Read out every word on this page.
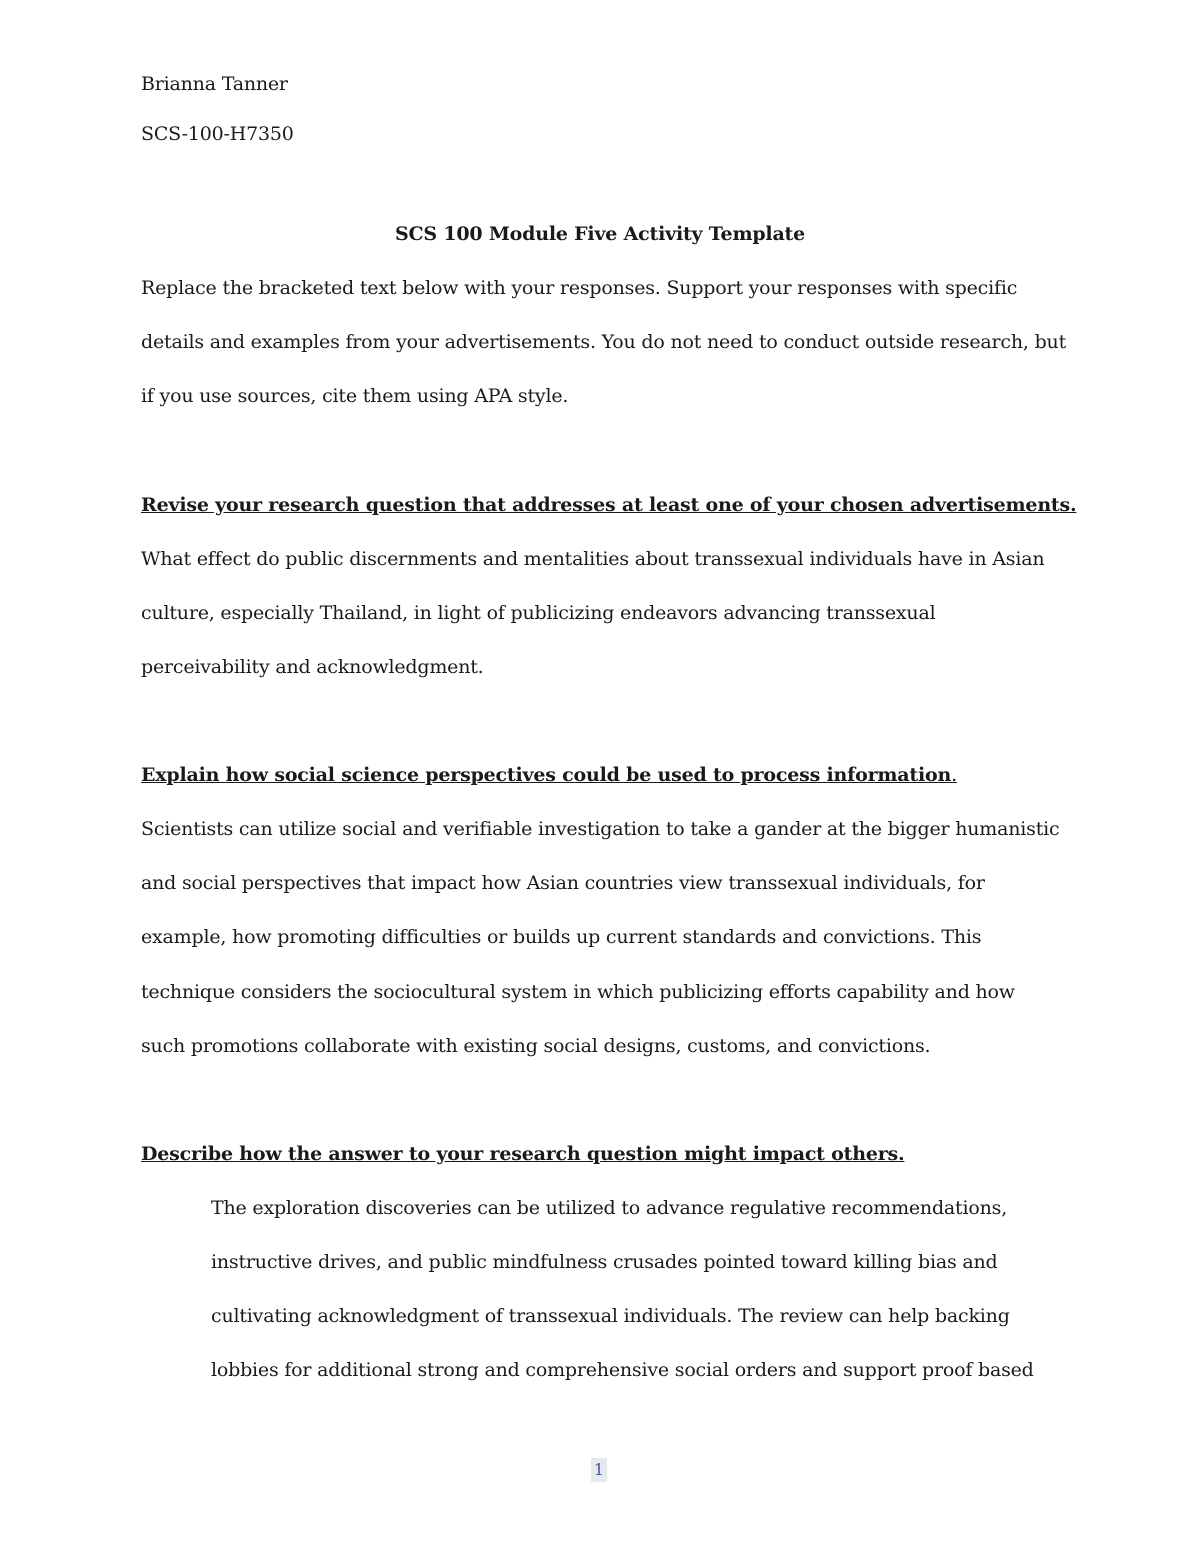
Brianna Tanner
SCS-100-H7350
SCS 100 Module Five Activity Template
Replace the bracketed text below with your responses. Support your responses with specific
details and examples from your advertisements. You do not need to conduct outside research, but
if you use sources, cite them using APA style.
Revise your research question that addresses at least one of your chosen advertisements.
What effect do public discernments and mentalities about transsexual individuals have in Asian
culture, especially Thailand, in light of publicizing endeavors advancing transsexual
perceivability and acknowledgment.
Explain how social science perspectives could be used to process information.
Scientists can utilize social and verifiable investigation to take a gander at the bigger humanistic
and social perspectives that impact how Asian countries view transsexual individuals, for
example, how promoting difficulties or builds up current standards and convictions. This
technique considers the sociocultural system in which publicizing efforts capability and how
such promotions collaborate with existing social designs, customs, and convictions.
Describe how the answer to your research question might impact others.
The exploration discoveries can be utilized to advance regulative recommendations,
instructive drives, and public mindfulness crusades pointed toward killing bias and
cultivating acknowledgment of transsexual individuals. The review can help backing
lobbies for additional strong and comprehensive social orders and support proof based
1
